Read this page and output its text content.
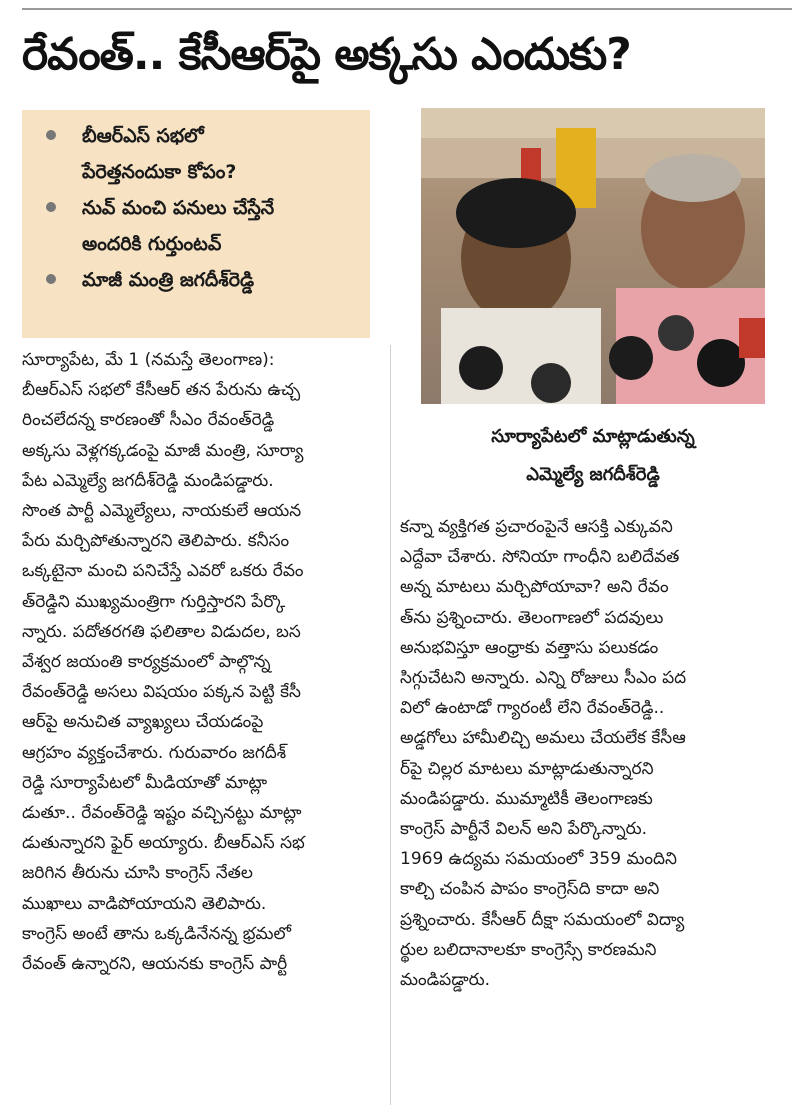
రేవంత్.. కేసీఆర్‌పై అక్కసు ఎందుకు?
బీఆర్ఎస్ సభలో
పేరెత్తనందుకా కోపం?
నువ్ మంచి పనులు చేస్తేనే
అందరికి గుర్తుంటవ్
మాజీ మంత్రి జగదీశ్‌రెడ్డి
సూర్యాపేటలో మాట్లాడుతున్న
ఎమ్మెల్యే జగదీశ్‌రెడ్డి
సూర్యాపేట, మే 1 (నమస్తే తెలంగాణ):
బీఆర్ఎస్ సభలో కేసీఆర్ తన పేరును ఉచ్చ
రించలేదన్న కారణంతో సీఎం రేవంత్‌రెడ్డి
అక్కసు వెళ్లగక్కడంపై మాజీ మంత్రి, సూర్యా
పేట ఎమ్మెల్యే జగదీశ్‌రెడ్డి మండిపడ్డారు.
సొంత పార్టీ ఎమ్మెల్యేలు, నాయకులే ఆయన
పేరు మర్చిపోతున్నారని తెలిపారు. కనీసం
ఒక్కటైనా మంచి పనిచేస్తే ఎవరో ఒకరు రేవం
త్‌రెడ్డిని ముఖ్యమంత్రిగా గుర్తిస్తారని పేర్కొ
న్నారు. పదోతరగతి ఫలితాల విడుదల, బస
వేశ్వర జయంతి కార్యక్రమంలో పాల్గొన్న
రేవంత్‌రెడ్డి అసలు విషయం పక్కన పెట్టి కేసీ
ఆర్‌పై అనుచిత వ్యాఖ్యలు చేయడంపై
ఆగ్రహం వ్యక్తంచేశారు. గురువారం జగదీశ్
రెడ్డి సూర్యాపేటలో మీడియాతో మాట్లా
డుతూ.. రేవంత్‌రెడ్డి ఇష్టం వచ్చినట్టు మాట్లా
డుతున్నారని ఫైర్ అయ్యారు. బీఆర్ఎస్ సభ
జరిగిన తీరును చూసి కాంగ్రెస్ నేతల
ముఖాలు వాడిపోయాయని తెలిపారు.
కాంగ్రెస్ అంటే తాను ఒక్కడినేనన్న భ్రమలో
రేవంత్ ఉన్నారని, ఆయనకు కాంగ్రెస్ పార్టీ
కన్నా వ్యక్తిగత ప్రచారంపైనే ఆసక్తి ఎక్కువని
ఎద్దేవా చేశారు. సోనియా గాంధీని బలిదేవత
అన్న మాటలు మర్చిపోయావా? అని రేవం
త్‌ను ప్రశ్నించారు. తెలంగాణలో పదవులు
అనుభవిస్తూ ఆంధ్రాకు వత్తాసు పలుకడం
సిగ్గుచేటని అన్నారు. ఎన్ని రోజులు సీఎం పద
విలో ఉంటాడో గ్యారంటీ లేని రేవంత్‌రెడ్డి..
అడ్డగోలు హామీలిచ్చి అమలు చేయలేక కేసీఆ
ర్‌పై చిల్లర మాటలు మాట్లాడుతున్నారని
మండిపడ్డారు. ముమ్మాటికీ తెలంగాణకు
కాంగ్రెస్ పార్టీనే విలన్ అని పేర్కొన్నారు.
1969 ఉద్యమ సమయంలో 359 మందిని
కాల్చి చంపిన పాపం కాంగ్రెస్‌ది కాదా అని
ప్రశ్నించారు. కేసీఆర్ దీక్షా సమయంలో విద్యా
ర్థుల బలిదానాలకూ కాంగ్రెస్సే కారణమని
మండిపడ్డారు.
